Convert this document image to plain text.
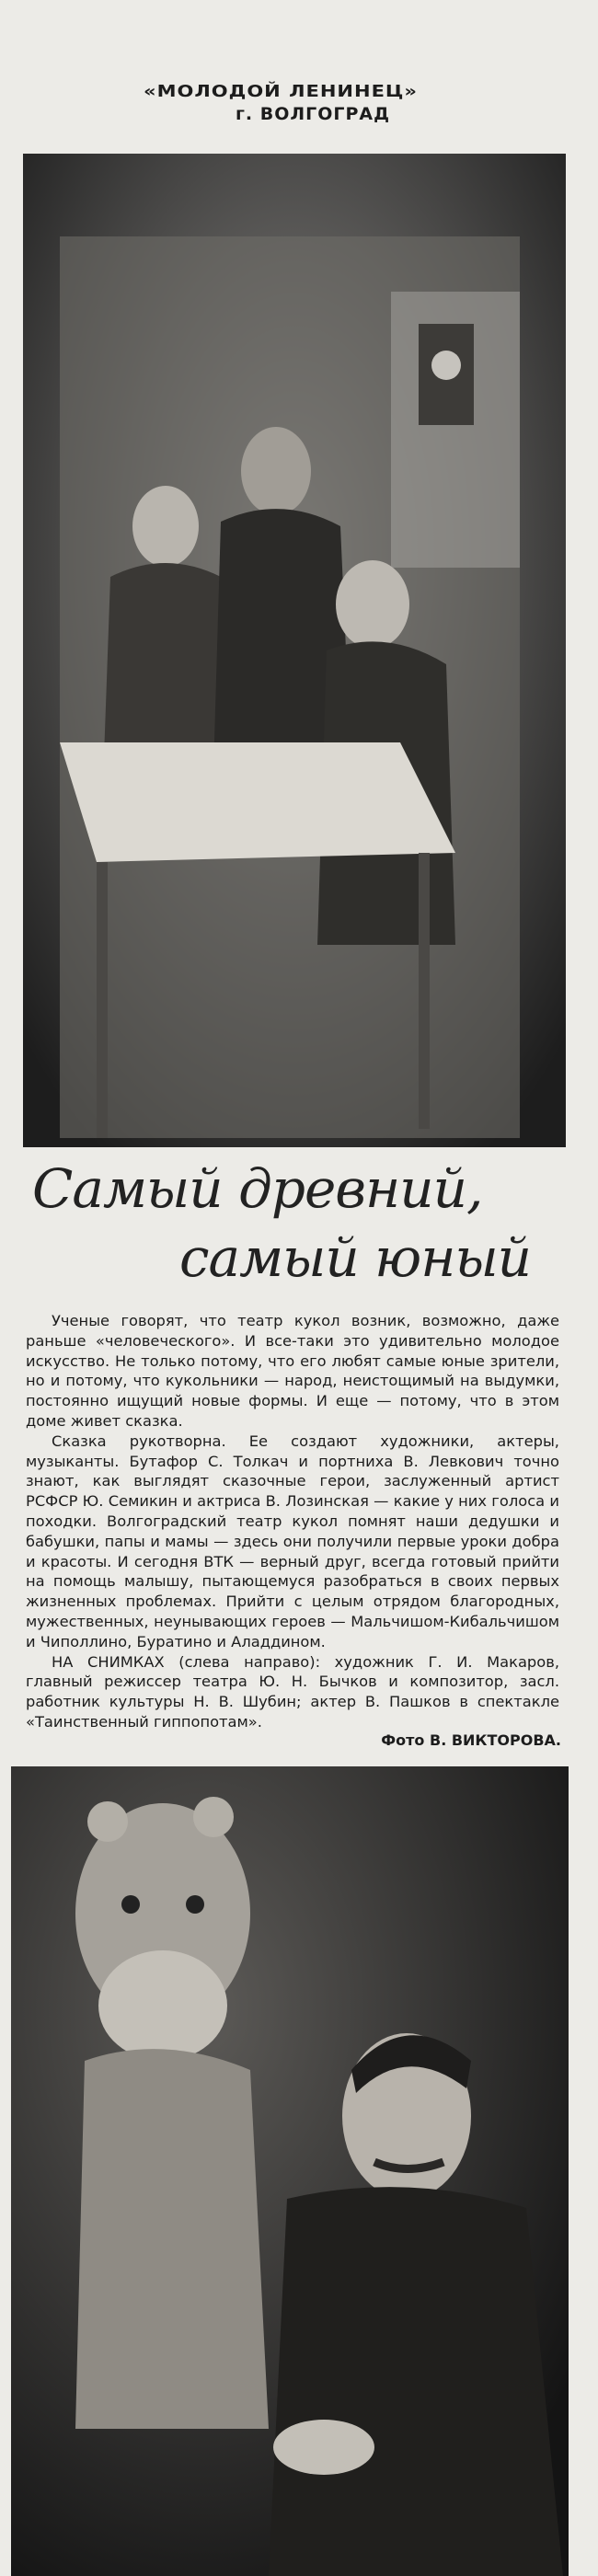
«МОЛОДОЙ ЛЕНИНЕЦ»
г. ВОЛГОГРАД
Самый древний,
самый юный

Ученые говорят, что театр кукол возник, возможно, даже раньше «человеческого». И все-таки это удивительно молодое искусство. Не только потому, что его любят самые юные зрители, но и потому, что кукольники — народ, неистощимый на выдумки, постоянно ищущий новые формы. И еще — потому, что в этом доме живет сказка.

Сказка рукотворна. Ее создают художники, актеры, музыканты. Бутафор С. Толкач и портниха В. Левкович точно знают, как выглядят сказочные герои, заслуженный артист РСФСР Ю. Семикин и актриса В. Лозинская — какие у них голоса и походки. Волгоградский театр кукол помнят наши дедушки и бабушки, папы и мамы — здесь они получили первые уроки добра и красоты. И сегодня ВТК — верный друг, всегда готовый прийти на помощь малышу, пытающемуся разобраться в своих первых жизненных проблемах. Прийти с целым отрядом благородных, мужественных, неунывающих героев — Мальчишом-Кибальчишом и Чиполлино, Буратино и Аладдином.

НА СНИМКАХ (слева направо): художник Г. И. Макаров, главный режиссер театра Ю. Н. Бычков и композитор, засл. работник культуры Н. В. Шубин; актер В. Пашков в спектакле «Таинственный гиппопотам».

Фото В. ВИКТОРОВА.
